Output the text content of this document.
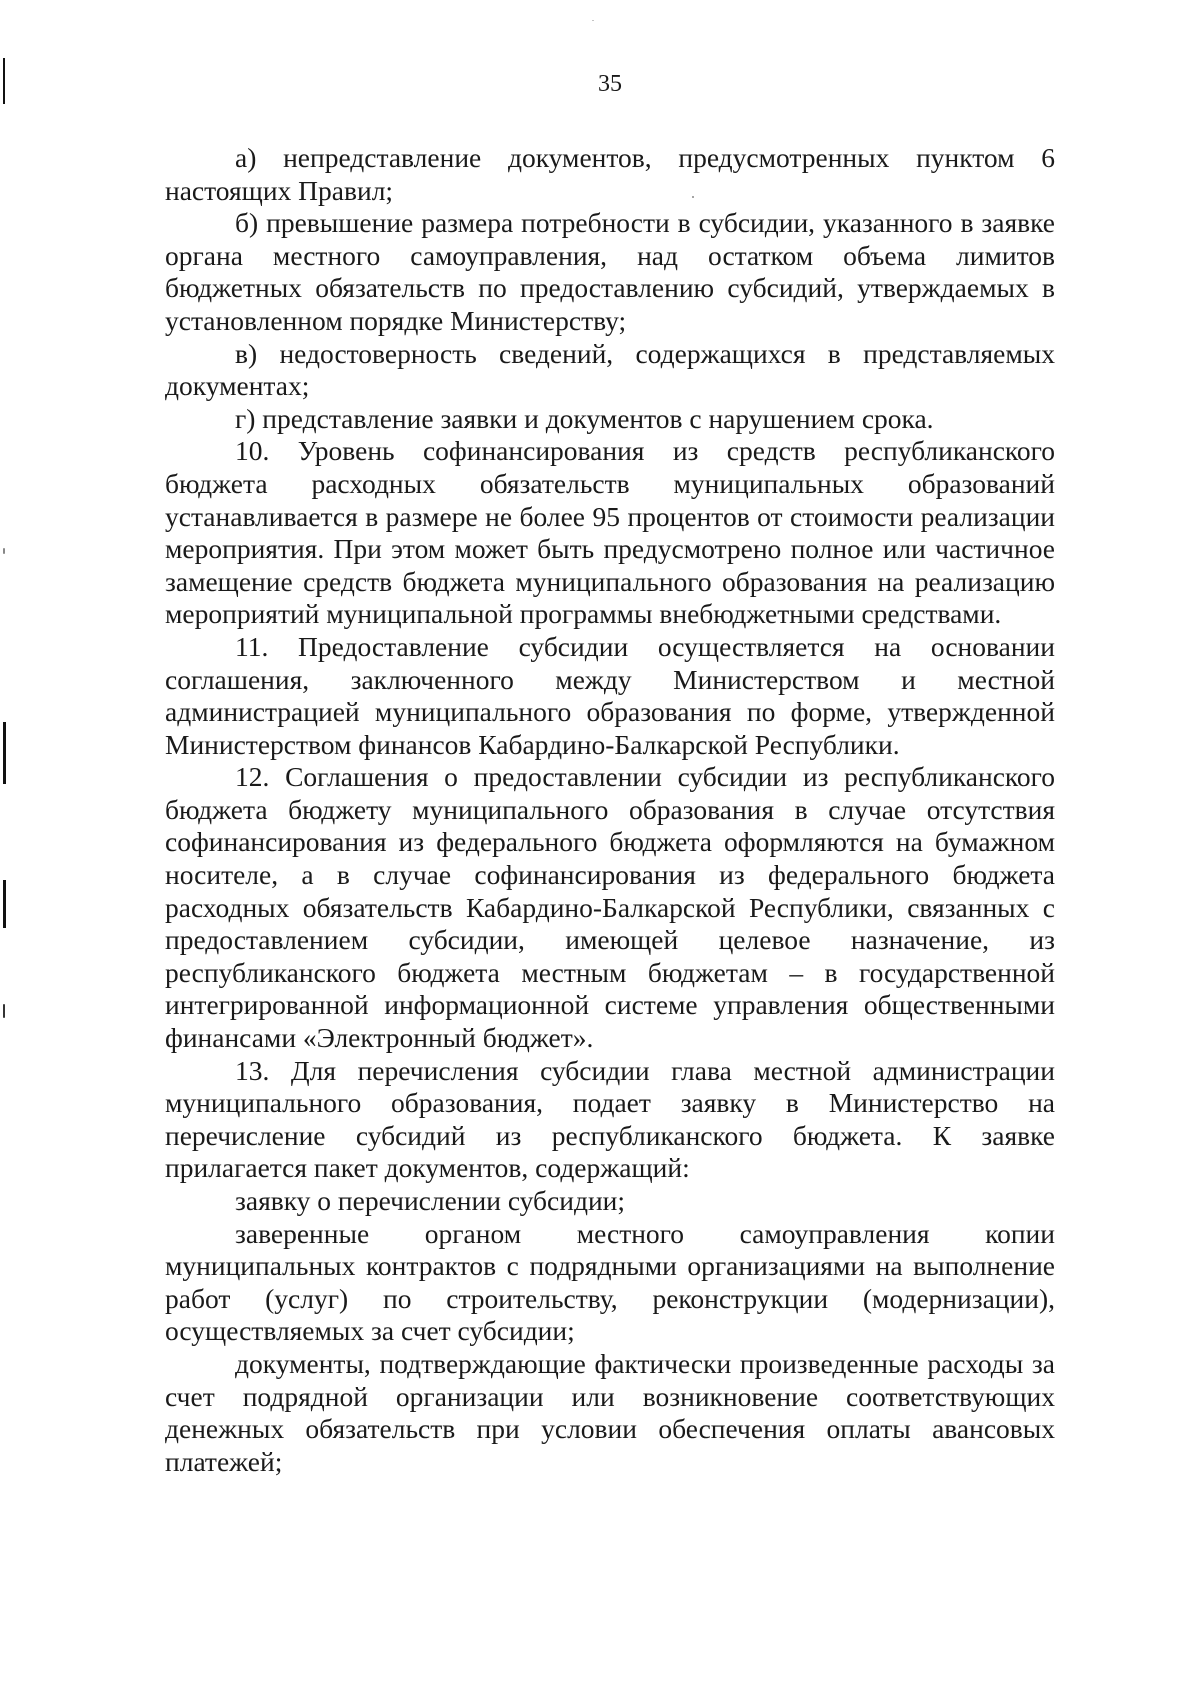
35

а) непредставление документов, предусмотренных пунктом 6 настоящих Правил;

б) превышение размера потребности в субсидии, указанного в заявке органа местного самоуправления, над остатком объема лимитов бюджетных обязательств по предоставлению субсидий, утверждаемых в установленном порядке Министерству;

в) недостоверность сведений, содержащихся в представляемых документах;

г) представление заявки и документов с нарушением срока.

10. Уровень софинансирования из средств республиканского бюджета расходных обязательств муниципальных образований устанавливается в размере не более 95 процентов от стоимости реализации мероприятия. При этом может быть предусмотрено полное или частичное замещение средств бюджета муниципального образования на реализацию мероприятий муниципальной программы внебюджетными средствами.

11. Предоставление субсидии осуществляется на основании соглашения, заключенного между Министерством и местной администрацией муниципального образования по форме, утвержденной Министерством финансов Кабардино-Балкарской Республики.

12. Соглашения о предоставлении субсидии из республиканского бюджета бюджету муниципального образования в случае отсутствия софинансирования из федерального бюджета оформляются на бумажном носителе, а в случае софинансирования из федерального бюджета расходных обязательств Кабардино-Балкарской Республики, связанных с предоставлением субсидии, имеющей целевое назначение, из республиканского бюджета местным бюджетам – в государственной интегрированной информационной системе управления общественными финансами «Электронный бюджет».

13. Для перечисления субсидии глава местной администрации муниципального образования, подает заявку в Министерство на перечисление субсидий из республиканского бюджета. К заявке прилагается пакет документов, содержащий:

заявку о перечислении субсидии;

заверенные органом местного самоуправления копии муниципальных контрактов с подрядными организациями на выполнение работ (услуг) по строительству, реконструкции (модернизации), осуществляемых за счет субсидии;

документы, подтверждающие фактически произведенные расходы за счет подрядной организации или возникновение соответствующих денежных обязательств при условии обеспечения оплаты авансовых платежей;
